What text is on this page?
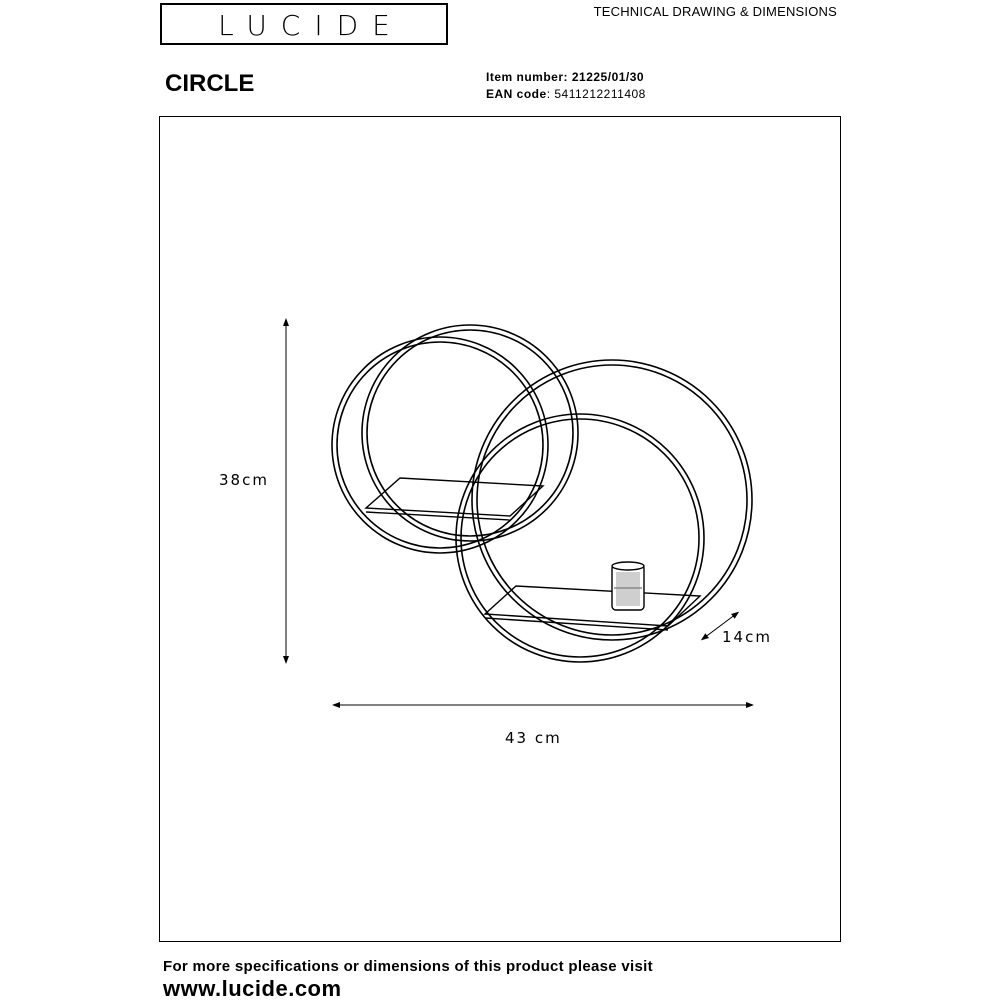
LUCIDE	TECHNICAL DRAWING & DIMENSIONS
CIRCLE	Item number: 21225/01/30
EAN code: 5411212211408
38cm
43 cm
14cm
For more specifications or dimensions of this product please visit
www.lucide.com
